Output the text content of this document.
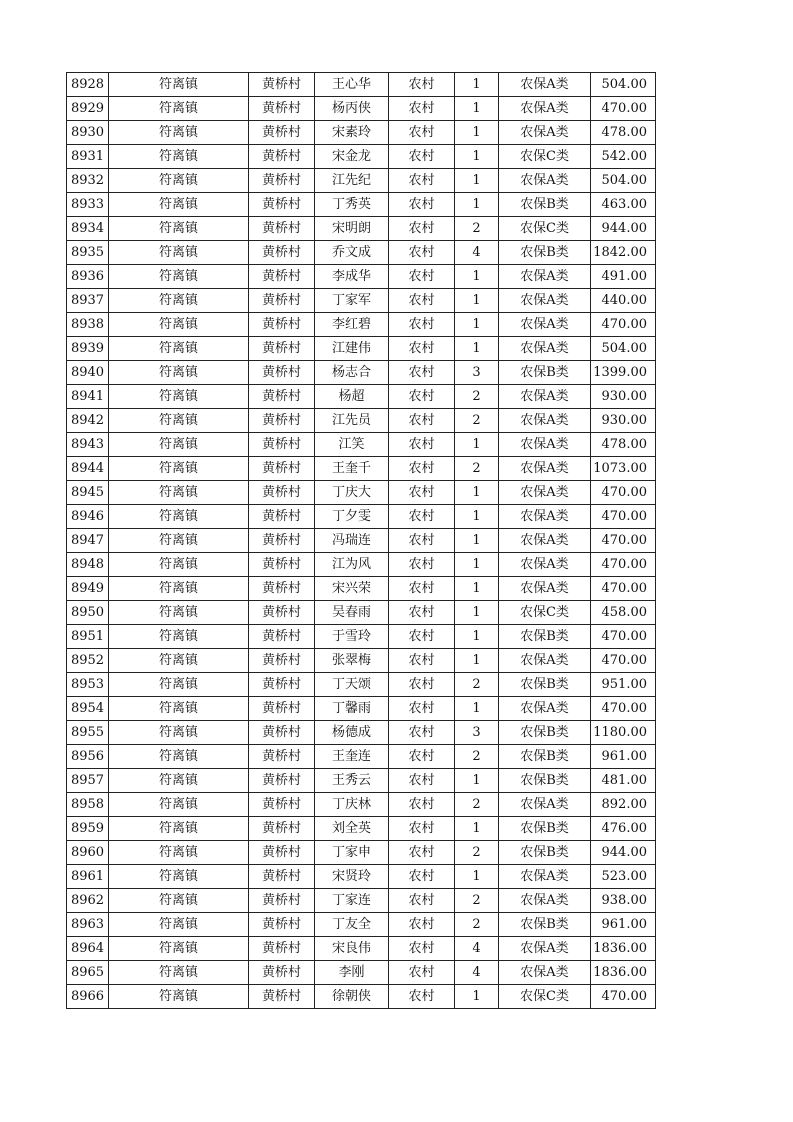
8928	符离镇	黄桥村	王心华	农村	1	农保A类	504.00
8929	符离镇	黄桥村	杨丙侠	农村	1	农保A类	470.00
8930	符离镇	黄桥村	宋素玲	农村	1	农保A类	478.00
8931	符离镇	黄桥村	宋金龙	农村	1	农保C类	542.00
8932	符离镇	黄桥村	江先纪	农村	1	农保A类	504.00
8933	符离镇	黄桥村	丁秀英	农村	1	农保B类	463.00
8934	符离镇	黄桥村	宋明朗	农村	2	农保C类	944.00
8935	符离镇	黄桥村	乔文成	农村	4	农保B类	1842.00
8936	符离镇	黄桥村	李成华	农村	1	农保A类	491.00
8937	符离镇	黄桥村	丁家军	农村	1	农保A类	440.00
8938	符离镇	黄桥村	李红碧	农村	1	农保A类	470.00
8939	符离镇	黄桥村	江建伟	农村	1	农保A类	504.00
8940	符离镇	黄桥村	杨志合	农村	3	农保B类	1399.00
8941	符离镇	黄桥村	杨超	农村	2	农保A类	930.00
8942	符离镇	黄桥村	江先员	农村	2	农保A类	930.00
8943	符离镇	黄桥村	江笑	农村	1	农保A类	478.00
8944	符离镇	黄桥村	王奎千	农村	2	农保A类	1073.00
8945	符离镇	黄桥村	丁庆大	农村	1	农保A类	470.00
8946	符离镇	黄桥村	丁夕雯	农村	1	农保A类	470.00
8947	符离镇	黄桥村	冯瑞连	农村	1	农保A类	470.00
8948	符离镇	黄桥村	江为风	农村	1	农保A类	470.00
8949	符离镇	黄桥村	宋兴荣	农村	1	农保A类	470.00
8950	符离镇	黄桥村	吴春雨	农村	1	农保C类	458.00
8951	符离镇	黄桥村	于雪玲	农村	1	农保B类	470.00
8952	符离镇	黄桥村	张翠梅	农村	1	农保A类	470.00
8953	符离镇	黄桥村	丁天颂	农村	2	农保B类	951.00
8954	符离镇	黄桥村	丁馨雨	农村	1	农保A类	470.00
8955	符离镇	黄桥村	杨德成	农村	3	农保B类	1180.00
8956	符离镇	黄桥村	王奎连	农村	2	农保B类	961.00
8957	符离镇	黄桥村	王秀云	农村	1	农保B类	481.00
8958	符离镇	黄桥村	丁庆林	农村	2	农保A类	892.00
8959	符离镇	黄桥村	刘全英	农村	1	农保B类	476.00
8960	符离镇	黄桥村	丁家申	农村	2	农保B类	944.00
8961	符离镇	黄桥村	宋贤玲	农村	1	农保A类	523.00
8962	符离镇	黄桥村	丁家连	农村	2	农保A类	938.00
8963	符离镇	黄桥村	丁友全	农村	2	农保B类	961.00
8964	符离镇	黄桥村	宋良伟	农村	4	农保A类	1836.00
8965	符离镇	黄桥村	李刚	农村	4	农保A类	1836.00
8966	符离镇	黄桥村	徐朝侠	农村	1	农保C类	470.00
